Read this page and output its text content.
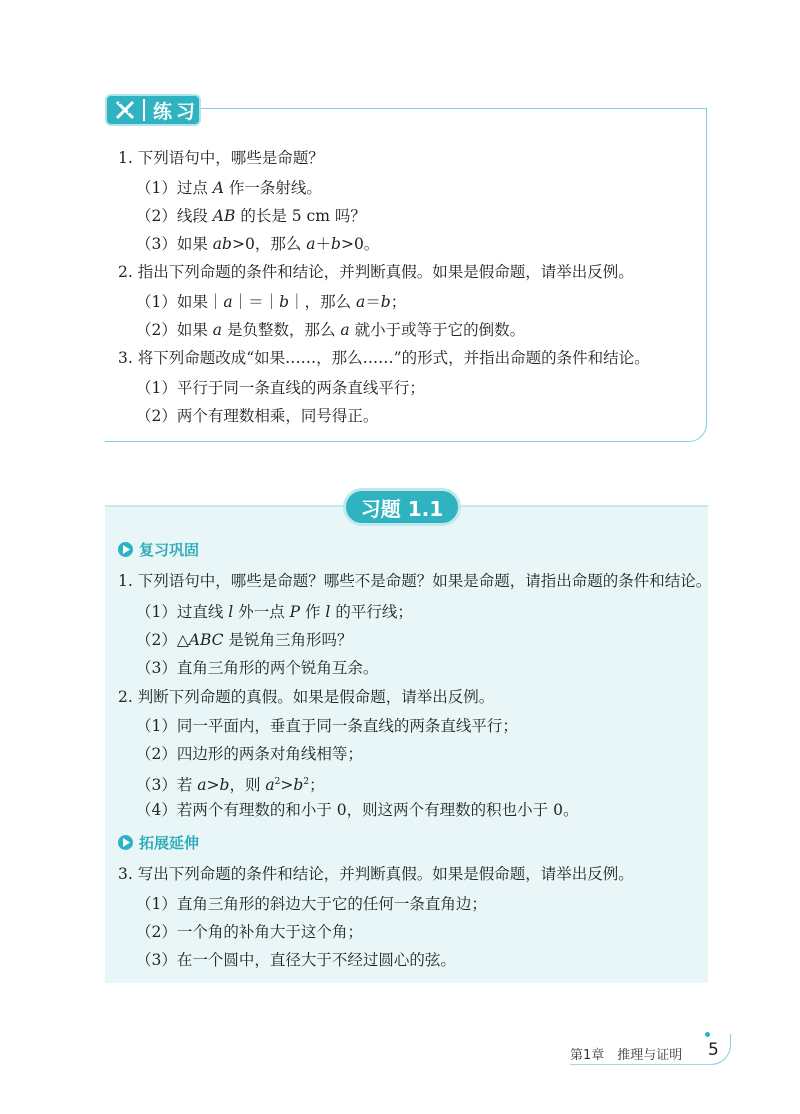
练习
1. 下列语句中，哪些是命题？
（1）过点 A 作一条射线。
（2）线段 AB 的长是 5 cm 吗？
（3）如果 ab>0，那么 a＋b>0。
2. 指出下列命题的条件和结论，并判断真假。如果是假命题，请举出反例。
（1）如果｜a｜＝｜b｜，那么 a＝b；
（2）如果 a 是负整数，那么 a 就小于或等于它的倒数。
3. 将下列命题改成“如果……，那么……”的形式，并指出命题的条件和结论。
（1）平行于同一条直线的两条直线平行；
（2）两个有理数相乘，同号得正。
习题 1.1
复习巩固
1. 下列语句中，哪些是命题？哪些不是命题？如果是命题，请指出命题的条件和结论。
（1）过直线 l 外一点 P 作 l 的平行线；
（2）△ABC 是锐角三角形吗？
（3）直角三角形的两个锐角互余。
2. 判断下列命题的真假。如果是假命题，请举出反例。
（1）同一平面内，垂直于同一条直线的两条直线平行；
（2）四边形的两条对角线相等；
（3）若 a>b，则 $a^2>b^2$；
（4）若两个有理数的和小于 0，则这两个有理数的积也小于 0。
拓展延伸
3. 写出下列命题的条件和结论，并判断真假。如果是假命题，请举出反例。
（1）直角三角形的斜边大于它的任何一条直角边；
（2）一个角的补角大于这个角；
（3）在一个圆中，直径大于不经过圆心的弦。
第1章　推理与证明 5
